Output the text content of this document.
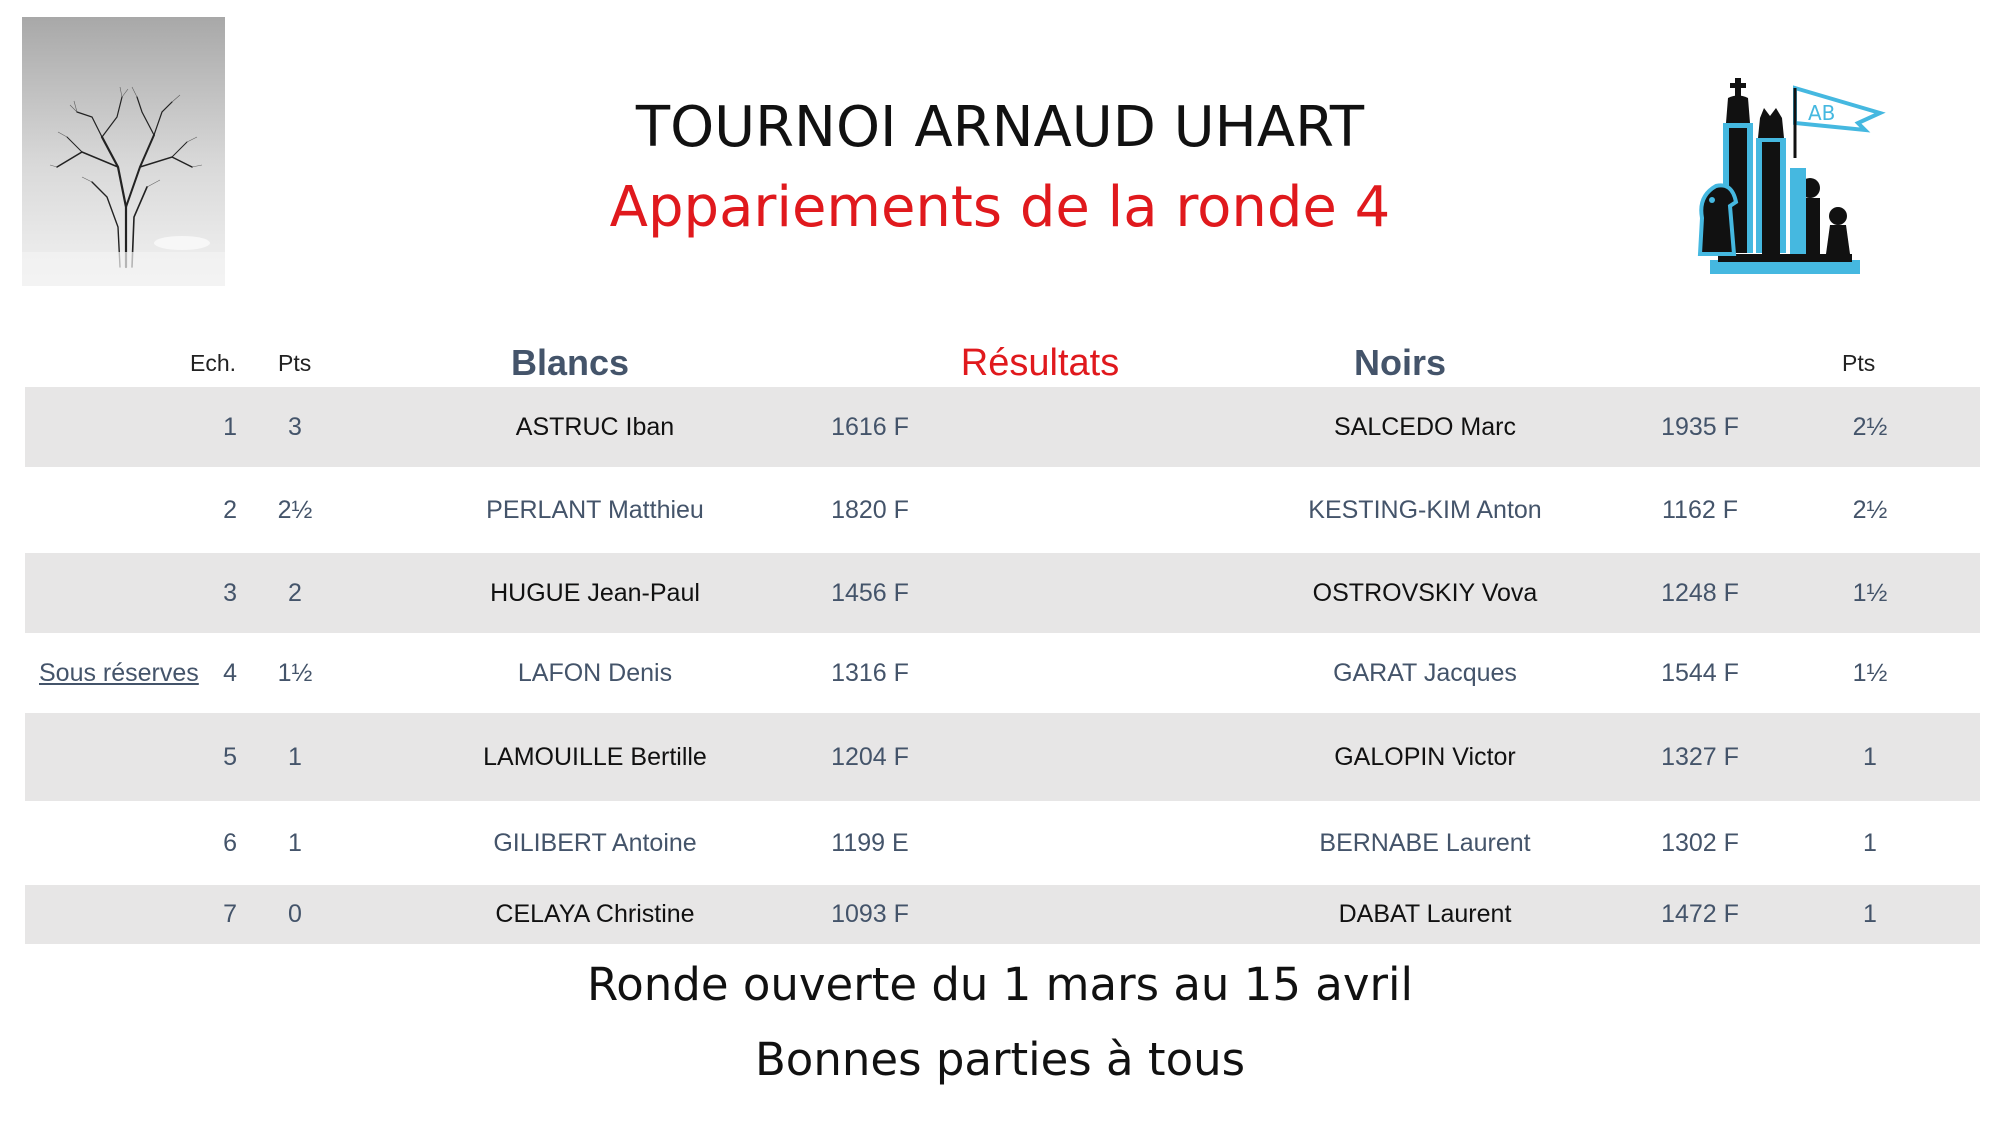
AB
TOURNOI ARNAUD UHART
Appariements de la ronde 4
Ech. Pts	Blancs	Résultats	Noirs	Pts
1	3	ASTRUC Iban	1616 F	SALCEDO Marc	1935 F	2½
2	2½	PERLANT Matthieu	1820 F	KESTING-KIM Anton	1162 F	2½
3	2	HUGUE Jean-Paul	1456 F	OSTROVSKIY Vova	1248 F	1½
Sous réserves 4	1½	LAFON Denis	1316 F	GARAT Jacques	1544 F	1½
5	1	LAMOUILLE Bertille	1204 F	GALOPIN Victor	1327 F	1
6	1	GILIBERT Antoine	1199 E	BERNABE Laurent	1302 F	1
7	0	CELAYA Christine	1093 F	DABAT Laurent	1472 F	1
Ronde ouverte du 1 mars au 15 avril
Bonnes parties à tous
